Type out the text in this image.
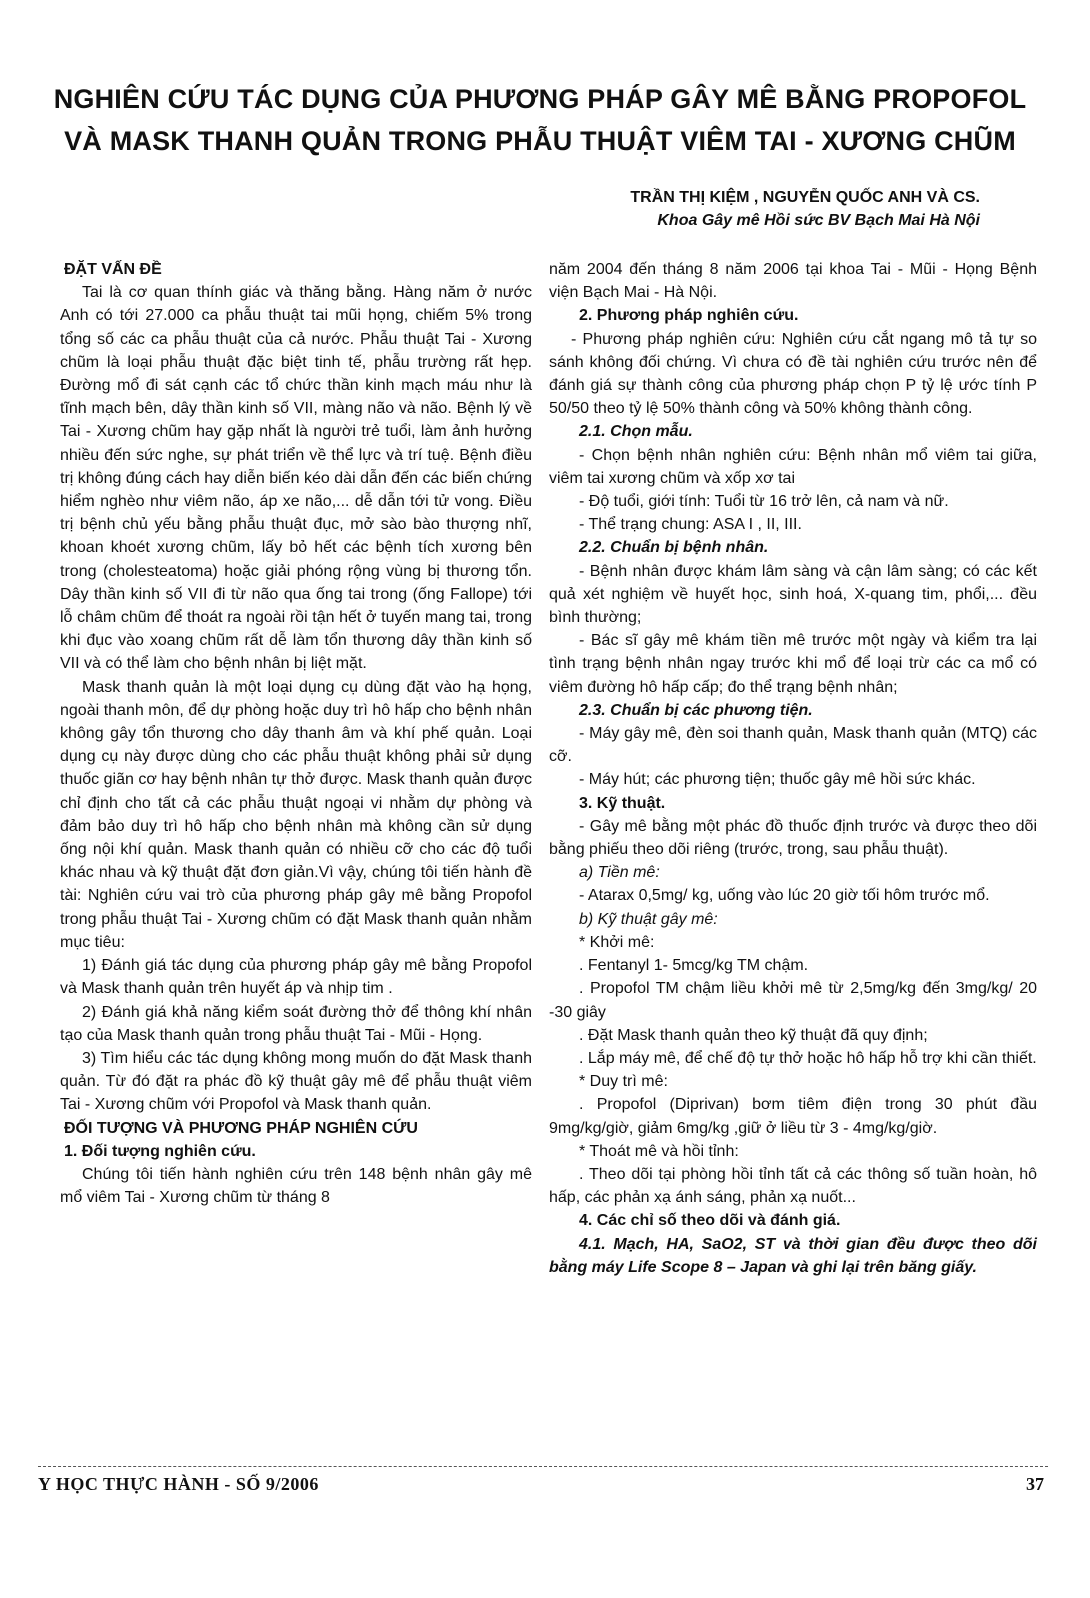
NGHIÊN CỨU TÁC DỤNG CỦA PHƯƠNG PHÁP GÂY MÊ BẰNG PROPOFOL
VÀ MASK THANH QUẢN TRONG PHẪU THUẬT VIÊM TAI - XƯƠNG CHŨM
TRẦN THỊ KIỆM , NGUYỄN QUỐC ANH VÀ CS.
Khoa Gây mê Hồi sức BV Bạch Mai Hà Nội

ĐẶT VẤN ĐỀ

Tai là cơ quan thính giác và thăng bằng. Hàng năm ở nước Anh có tới 27.000 ca phẫu thuật tai mũi họng, chiếm 5% trong tổng số các ca phẫu thuật của cả nước. Phẫu thuật Tai - Xương chũm là loại phẫu thuật đặc biệt tinh tế, phẫu trường rất hẹp. Đường mổ đi sát cạnh các tổ chức thần kinh mạch máu như là tĩnh mạch bên, dây thần kinh số VII, màng não và não. Bệnh lý về Tai - Xương chũm hay gặp nhất là người trẻ tuổi, làm ảnh hưởng nhiều đến sức nghe, sự phát triển về thể lực và trí tuệ. Bệnh điều trị không đúng cách hay diễn biến kéo dài dẫn đến các biến chứng hiểm nghèo như viêm não, áp xe não,... dễ dẫn tới tử vong. Điều trị bệnh chủ yếu bằng phẫu thuật đục, mở sào bào thượng nhĩ, khoan khoét xương chũm, lấy bỏ hết các bệnh tích xương bên trong (cholesteatoma) hoặc giải phóng rộng vùng bị thương tổn. Dây thần kinh số VII đi từ não qua ống tai trong (ống Fallope) tới lỗ châm chũm để thoát ra ngoài rồi tận hết ở tuyến mang tai, trong khi đục vào xoang chũm rất dễ làm tổn thương dây thần kinh số VII và có thể làm cho bệnh nhân bị liệt mặt.

Mask thanh quản là một loại dụng cụ dùng đặt vào hạ họng, ngoài thanh môn, để dự phòng hoặc duy trì hô hấp cho bệnh nhân không gây tổn thương cho dây thanh âm và khí phế quản. Loại dụng cụ này được dùng cho các phẫu thuật không phải sử dụng thuốc giãn cơ hay bệnh nhân tự thở được. Mask thanh quản được chỉ định cho tất cả các phẫu thuật ngoại vi nhằm dự phòng và đảm bảo duy trì hô hấp cho bệnh nhân mà không cần sử dụng ống nội khí quản. Mask thanh quản có nhiều cỡ cho các độ tuổi khác nhau và kỹ thuật đặt đơn giản.Vì vậy, chúng tôi tiến hành đề tài: Nghiên cứu vai trò của phương pháp gây mê bằng Propofol trong phẫu thuật Tai - Xương chũm có đặt Mask thanh quản nhằm mục tiêu:

1) Đánh giá tác dụng của phương pháp gây mê bằng Propofol và Mask thanh quản trên huyết áp và nhịp tim .

2) Đánh giá khả năng kiểm soát đường thở để thông khí nhân tạo của Mask thanh quản trong phẫu thuật Tai - Mũi - Họng.

3) Tìm hiểu các tác dụng không mong muốn do đặt Mask thanh quản. Từ đó đặt ra phác đồ kỹ thuật gây mê để phẫu thuật viêm Tai - Xương chũm với Propofol và Mask thanh quản.

ĐỐI TƯỢNG VÀ PHƯƠNG PHÁP NGHIÊN CỨU

1. Đối tượng nghiên cứu.

Chúng tôi tiến hành nghiên cứu trên 148 bệnh nhân gây mê mổ viêm Tai - Xương chũm từ tháng 8

năm 2004 đến tháng 8 năm 2006 tại khoa Tai - Mũi - Họng Bệnh viện Bạch Mai - Hà Nội.

2. Phương pháp nghiên cứu.

- Phương pháp nghiên cứu: Nghiên cứu cắt ngang mô tả tự so sánh không đối chứng. Vì chưa có đề tài nghiên cứu trước nên để đánh giá sự thành công của phương pháp chọn P tỷ lệ ước tính P 50/50 theo tỷ lệ 50% thành công và 50% không thành công.

2.1. Chọn mẫu.

- Chọn bệnh nhân nghiên cứu: Bệnh nhân mổ viêm tai giữa, viêm tai xương chũm và xốp xơ tai

- Độ tuổi, giới tính: Tuổi từ 16 trở lên, cả nam và nữ.

- Thể trạng chung: ASA I , II, III.

2.2. Chuẩn bị bệnh nhân.

- Bệnh nhân được khám lâm sàng và cận lâm sàng; có các kết quả xét nghiệm về huyết học, sinh hoá, X-quang tim, phổi,... đều bình thường;

- Bác sĩ gây mê khám tiền mê trước một ngày và kiểm tra lại tình trạng bệnh nhân ngay trước khi mổ để loại trừ các ca mổ có viêm đường hô hấp cấp; đo thể trạng bệnh nhân;

2.3. Chuẩn bị các phương tiện.

- Máy gây mê, đèn soi thanh quản, Mask thanh quản (MTQ) các cỡ.

- Máy hút; các phương tiện; thuốc gây mê hồi sức khác.

3. Kỹ thuật.

- Gây mê bằng một phác đồ thuốc định trước và được theo dõi bằng phiếu theo dõi riêng (trước, trong, sau phẫu thuật).

a) Tiền mê:

- Atarax 0,5mg/ kg, uống vào lúc 20 giờ tối hôm trước mổ.

b) Kỹ thuật gây mê:

* Khởi mê:

. Fentanyl 1- 5mcg/kg TM chậm.

. Propofol TM chậm liều khởi mê từ 2,5mg/kg đến 3mg/kg/ 20 -30 giây

. Đặt Mask thanh quản theo kỹ thuật đã quy định;

. Lắp máy mê, để chế độ tự thở hoặc hô hấp hỗ trợ khi cần thiết.

* Duy trì mê:

. Propofol (Diprivan) bơm tiêm điện trong 30 phút đầu 9mg/kg/giờ, giảm 6mg/kg ,giữ ở liều từ 3 - 4mg/kg/giờ.

* Thoát mê và hồi tỉnh:

. Theo dõi tại phòng hồi tỉnh tất cả các thông số tuần hoàn, hô hấp, các phản xạ ánh sáng, phản xạ nuốt...

4. Các chỉ số theo dõi và đánh giá.

4.1. Mạch, HA, SaO2, ST và thời gian đều được theo dõi bằng máy Life Scope 8 – Japan và ghi lại trên băng giấy.

Y HỌC THỰC HÀNH - SỐ 9/2006	37
